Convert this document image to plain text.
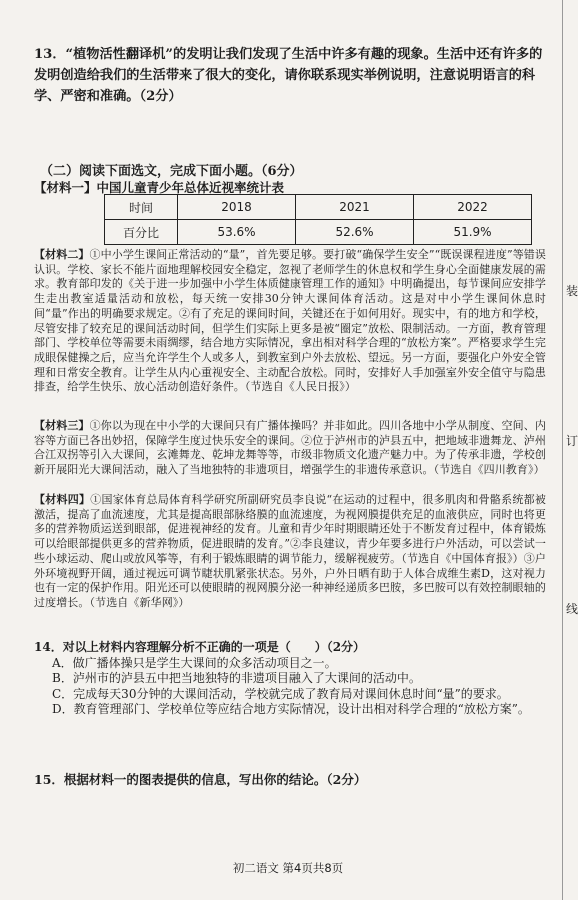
13．“植物活性翻译机”的发明让我们发现了生活中许多有趣的现象。生活中还有许多的发明创造给我们的生活带来了很大的变化，请你联系现实举例说明，注意说明语言的科学、严密和准确。（2分）
（二）阅读下面选文，完成下面小题。（6分）
【材料一】中国儿童青少年总体近视率统计表
时间	2018	2021	2022
百分比	53.6%	52.6%	51.9%
【材料二】①中小学生课间正常活动的“量”，首先要足够。要打破“确保学生安全”“既误课程进度”等错误认识。学校、家长不能片面地理解校园安全稳定，忽视了老师学生的休息权和学生身心全面健康发展的需求。教育部印发的《关于进一步加强中小学生体质健康管理工作的通知》中明确提出，每节课间应安排学生走出教室适量活动和放松，每天统一安排30分钟大课间体育活动。这是对中小学生课间休息时间“量”作出的明确要求规定。②有了充足的课间时间，关键还在于如何用好。现实中，有的地方和学校，尽管安排了较充足的课间活动时间，但学生们实际上更多是被“圈定”放松、限制活动。一方面，教育管理部门、学校单位等需要未雨绸缪，结合地方实际情况，拿出相对科学合理的“放松方案”。严格要求学生完成眼保健操之后，应当允许学生个人或多人，到教室到户外去放松、望远。另一方面，要强化户外安全管理和日常安全教育。让学生从内心重视安全、主动配合放松。同时，安排好人手加强室外安全值守与隐患排查，给学生快乐、放心活动创造好条件。（节选自《人民日报》）
【材料三】①你以为现在中小学的大课间只有广播体操吗？并非如此。四川各地中小学从制度、空间、内容等方面已各出妙招，保障学生度过快乐安全的课间。②位于泸州市的泸县五中，把地域非遗舞龙、泸州合江双拐等引入大课间，玄滩舞龙、乾坤龙舞等等，市级非物质文化遗产魅力中。为了传承非遗，学校创新开展阳光大课间活动，融入了当地独特的非遗项目，增强学生的非遗传承意识。（节选自《四川教育》）
【材料四】①国家体育总局体育科学研究所副研究员李良说“在运动的过程中，很多肌肉和骨骼系统都被激活，提高了血流速度，尤其是提高眼部脉络膜的血流速度，为视网膜提供充足的血液供应，同时也将更多的营养物质运送到眼部，促进视神经的发育。儿童和青少年时期眼睛还处于不断发育过程中，体育锻炼可以给眼部提供更多的营养物质，促进眼睛的发育。”②李良建议，青少年要多进行户外活动，可以尝试一些小球运动、爬山或放风筝等，有利于锻炼眼睛的调节能力，缓解视疲劳。（节选自《中国体育报》）③户外环境视野开阔，通过视远可调节睫状肌紧张状态。另外，户外日晒有助于人体合成维生素D，这对视力也有一定的保护作用。阳光还可以使眼睛的视网膜分泌一种神经递质多巴胺，多巴胺可以有效控制眼轴的过度增长。（节选自《新华网》）
14．对以上材料内容理解分析不正确的一项是（　　）（2分）
A．做广播体操只是学生大课间的众多活动项目之一。
B．泸州市的泸县五中把当地独特的非遗项目融入了大课间的活动中。
C．完成每天30分钟的大课间活动，学校就完成了教育局对课间休息时间“量”的要求。
D．教育管理部门、学校单位等应结合地方实际情况，设计出相对科学合理的“放松方案”。
15．根据材料一的图表提供的信息，写出你的结论。（2分）
初二语文 第4页共8页
装
订
线
